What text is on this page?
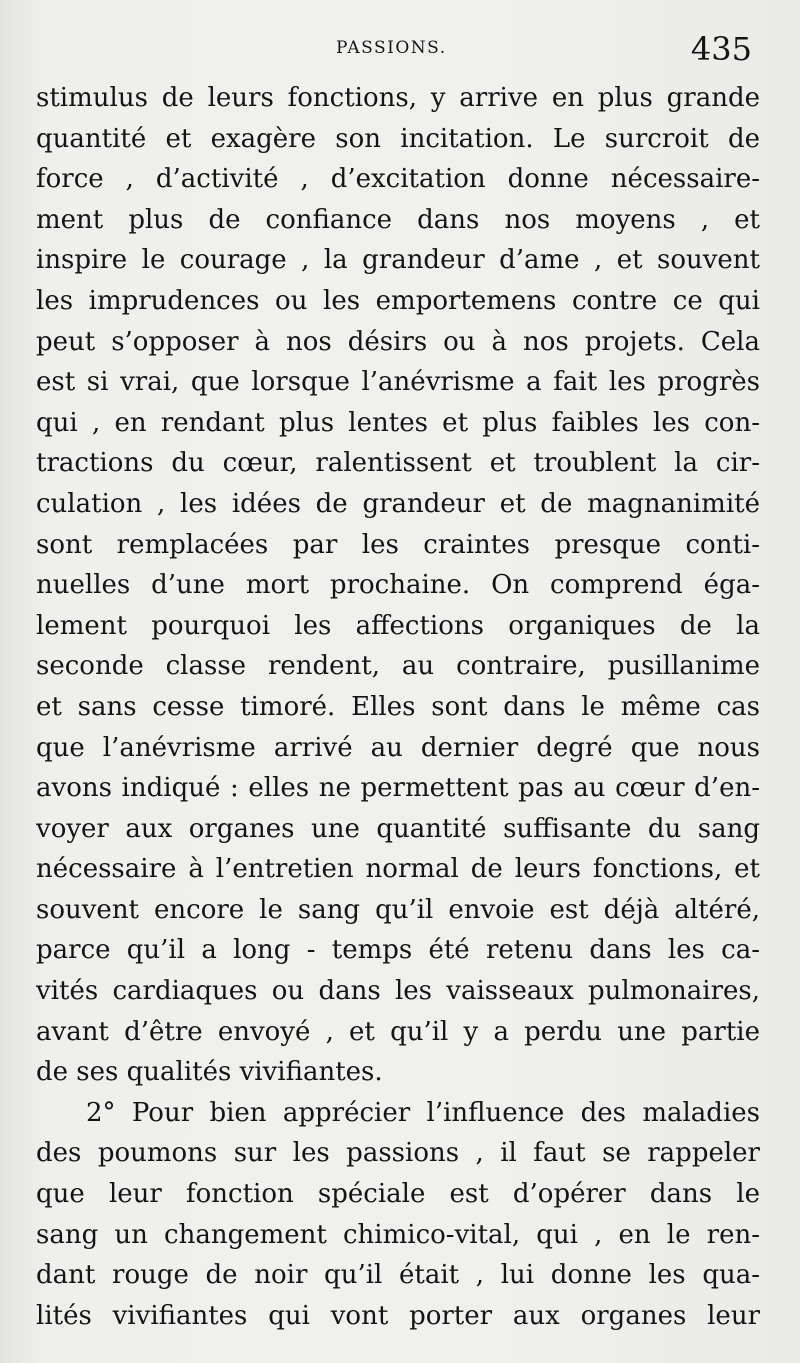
PASSIONS.	435
stimulus de leurs fonctions, y arrive en plus grande
quantité et exagère son incitation. Le surcroit de
force , d’activité , d’excitation donne nécessaire-
ment plus de confiance dans nos moyens , et
inspire le courage , la grandeur d’ame , et souvent
les imprudences ou les emportemens contre ce qui
peut s’opposer à nos désirs ou à nos projets. Cela
est si vrai, que lorsque l’anévrisme a fait les progrès
qui , en rendant plus lentes et plus faibles les con-
tractions du cœur, ralentissent et troublent la cir-
culation , les idées de grandeur et de magnanimité
sont remplacées par les craintes presque conti-
nuelles d’une mort prochaine. On comprend éga-
lement pourquoi les affections organiques de la
seconde classe rendent, au contraire, pusillanime
et sans cesse timoré. Elles sont dans le même cas
que l’anévrisme arrivé au dernier degré que nous
avons indiqué : elles ne permettent pas au cœur d’en-
voyer aux organes une quantité suffisante du sang
nécessaire à l’entretien normal de leurs fonctions, et
souvent encore le sang qu’il envoie est déjà altéré,
parce qu’il a long - temps été retenu dans les ca-
vités cardiaques ou dans les vaisseaux pulmonaires,
avant d’être envoyé , et qu’il y a perdu une partie
de ses qualités vivifiantes.
2° Pour bien apprécier l’influence des maladies
des poumons sur les passions , il faut se rappeler
que leur fonction spéciale est d’opérer dans le
sang un changement chimico-vital, qui , en le ren-
dant rouge de noir qu’il était , lui donne les qua-
lités vivifiantes qui vont porter aux organes leur
